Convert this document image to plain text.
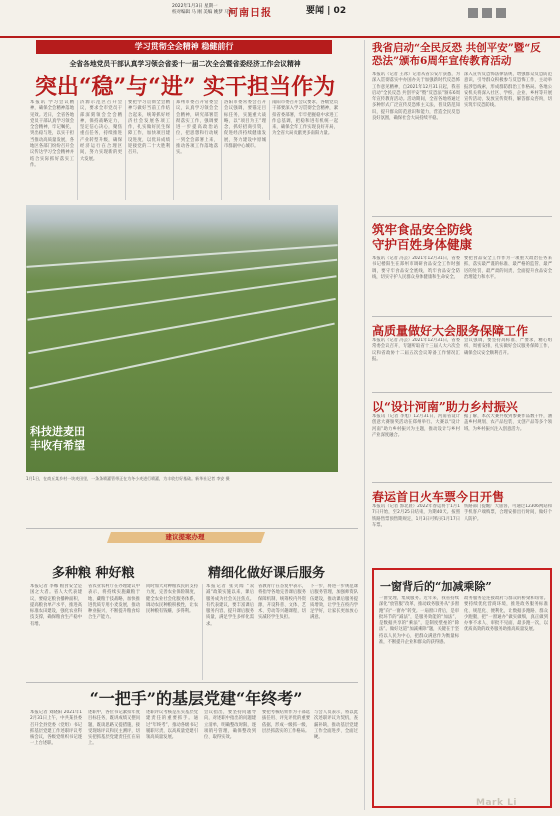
2022年1月3日 星期一
校对编辑 马 刚 美编 姚梦 马丽
河南日报	要闻 | 02
学习贯彻全会精神 稳健前行
全省各地党员干部认真学习领会省委十一届二次全会暨省委经济工作会议精神
突出“稳”与“进” 实干担当作为
本报讯 学习会议精神，确保全会精神落地见效。近日，全省各地党员干部认真学习领会全会精神，牢记嘱托，突出稳与进，以实干担当推动高质量发展，各地区各部门纷纷召开会议传达学习全会精神并结合实际抓好落实工作。
济源示范区召开会议，要求全市党员干部深刻领会全会精神，保持战略定力，坚定信心决心，聚焦重点任务，持续推进产业转型升级，确保经济运行在合理区间，努力实现新的更大发展。
要把学习贯彻全会精神与做好当前工作结合起来，统筹抓好经济社会发展各项工作，扎实做好民生保障工作，加快项目建设进度，以优异成绩迎接党的二十大胜利召开。
郑州市委召开常委会议，认真学习领会全会精神，研究部署贯彻落实工作，强调要进一步提高政治站位，把思想和行动统一到全会部署上来，推动各项工作落地落实。
洛阳市委常委会召开会议强调，要锚定目标任务，实施重大战略，以“项目为王”理念，抓好招商引资，促进经济持续健康发展，努力建设中原城市群副中心城市。
南阳市委召开会议要求，各级党员干部要深入学习贯彻全会精神，紧扣省委部署，牢牢把握稳中求进工作总基调，把稳和进有机统一起来，确保全年工作实现良好开局，为全省大局贡献更多南阳力量。
科技进麦田
丰收有希望
1月1日，在商丘某乡村一块麦田里，一条条喷灌管带正在为冬小麦进行喷灌，为丰收打好基础。新华社记者 李安 摄
我省启动“全民反恐 共创平安”暨“反恐法”颁布6周年宣传教育活动
本报讯（记者 王冰）记者从省公安厅获悉，为深入贯彻落实中办国办关于加强新时代反恐怖工作意见精神，自2021年12月31日起，我省启动“全民反恐 共创平安”暨“反恐法”颁布6周年宣传教育活动。活动期间，全省各地将通过多种形式广泛宣传反恐怖主义法，普及防范知识，提升群众防范意识和能力，营造全民反恐良好氛围，确保社会大局持续平稳。
深入宣传反恐怖法律法规，增强群众反恐防范意识，引导群众积极参与反恐怖工作，主动举报涉恐线索，形成群防群治工作格局。各地公安机关将深入社区、学校、企业、乡村等开展宣传活动，发放宣传资料，解答群众咨询，切实筑牢反恐防线。
筑牢食品安全防线
守护百姓身体健康
本报讯（记者 冯芸）2021年12月31日，省委书记楼阳生在郑州市调研食品安全工作时强调，要守牢食品安全底线，筑牢食品安全防线，切实守护人民群众身体健康和生命安全。
要把食品安全工作作为一项重大政治任务来抓，落实最严谨的标准、最严格的监管、最严厉的处罚、最严肃的问责，全面提升食品安全治理能力和水平。
高质量做好大会服务保障工作
本报讯（记者 冯芸）2021年12月31日，省委常委会议召开，专题听取省十三届人大六次会议和省政协十二届五次会议筹备工作情况汇报。
会议强调，要坚持高标准、严要求，精心组织、周密安排，扎实做好会议服务保障工作，确保会议安全顺利召开。
以“设计河南”助力乡村振兴
本报讯（记者 李旭）12月31日，河南省设计创意大赛颁奖活动在郑州举行。大赛以“设计河南”助力乡村振兴为主题，推动设计与乡村产业深度融合。
据了解，本次大赛共收到参赛作品数千件，涵盖乡村规划、农产品包装、文创产品等多个领域，为乡村振兴注入创意活力。
春运首日火车票今日开售
本报讯（记者 郭北晨）2022年春运将于1月17日开始，至2月25日结束，为期40天。按照铁路售票预售期规定，1月3日可购买1月17日车票。
铁路部门提醒广大旅客，可通过12306网站和手机客户端购票，合理安排出行时间，做好个人防护。
一窗背后的“加减乘除”
一窗受理，集成服务。近年来，我省持续深化“放管服”改革，推动政务服务从“多窗跑”向“一窗办”转变。一扇窗口背后，是审批环节的“减法”，是服务效能的“加法”，是数据共享的“乘法”，是制度壁垒的“除法”。做好这道“加减乘除”题，关键在于坚持以人民为中心，把群众满意作为衡量标准，不断提升企业和群众的获得感。
政务服务是连接政府与群众的桥梁和纽带。要持续优化营商环境，推进政务服务标准化、规范化、便利化，让数据多跑路、群众少跑腿，把“一窗通办”做实做细，真正做到办事不求人、审批不见面、最多跑一次，以优质高效的政务服务助推高质量发展。
建议提案办理
多种粮 种好粮	精细化做好课后服务
本报记者 李娜 粮食安全是国之大者。省人大代表建议，要稳定粮食播种面积，提高粮食单产水平，推进高标准农田建设，强化农业科技支撑，确保粮食生产稳中有增。
省农业农村厅在办理建议中表示，将持续实施藏粮于地、藏粮于技战略，加快推进优质专用小麦发展，推动种业振兴，不断提升粮食综合生产能力。
同时加大对种粮农民的支持力度，完善农业保险制度，健全农业社会化服务体系，调动农民种粮积极性，让农民种粮有钱赚、多得利。
本报记者 张笑闻 “双减”政策实施以来，课后服务成为社会关注焦点。有代表建议，要丰富课后服务内容，提升课后服务质量，满足学生多样化需求。
省教育厅在答复中表示，将指导各地完善课后服务保障机制，统筹校内外资源，开设科普、文体、艺术、劳动等兴趣课程，切实减轻学生负担。
下一步，将进一步规范课后服务管理，加强师资队伍建设，推动课后服务提质增效，让学生在校内学足学好，让家长更加放心满意。
“一把手”的基层党建“年终考”
本报记者 刘晓阳 2021年12月31日上午，中共某县委召开全县党委（党组）书记抓基层党建工作述职评议考核会议，各级党组织书记逐一上台述职。
述职中，各位书记紧扣年度目标任务，既讲成绩又摆问题，既谈思路又提措施，接受现场评议和民主测评，切实把抓基层党建责任扛在肩上。
述职评议考核是压实基层党建责任的重要抓手。通过“年终考”，推动各级书记履职尽责，以高质量党建引领高质量发展。
会议指出，要坚持问题导向，对述职中指出的问题建立清单，明确整改时限，逐项销号管理，确保整改到位、取得实效。
要把考核结果作为干部选拔任用、评先评优的重要依据，形成一级抓一级、层层抓落实的工作格局。
与会人员表示，将以此次述职评议为契机，查漏补缺，推动基层党建工作全面进步、全面过硬。
Mark Li
